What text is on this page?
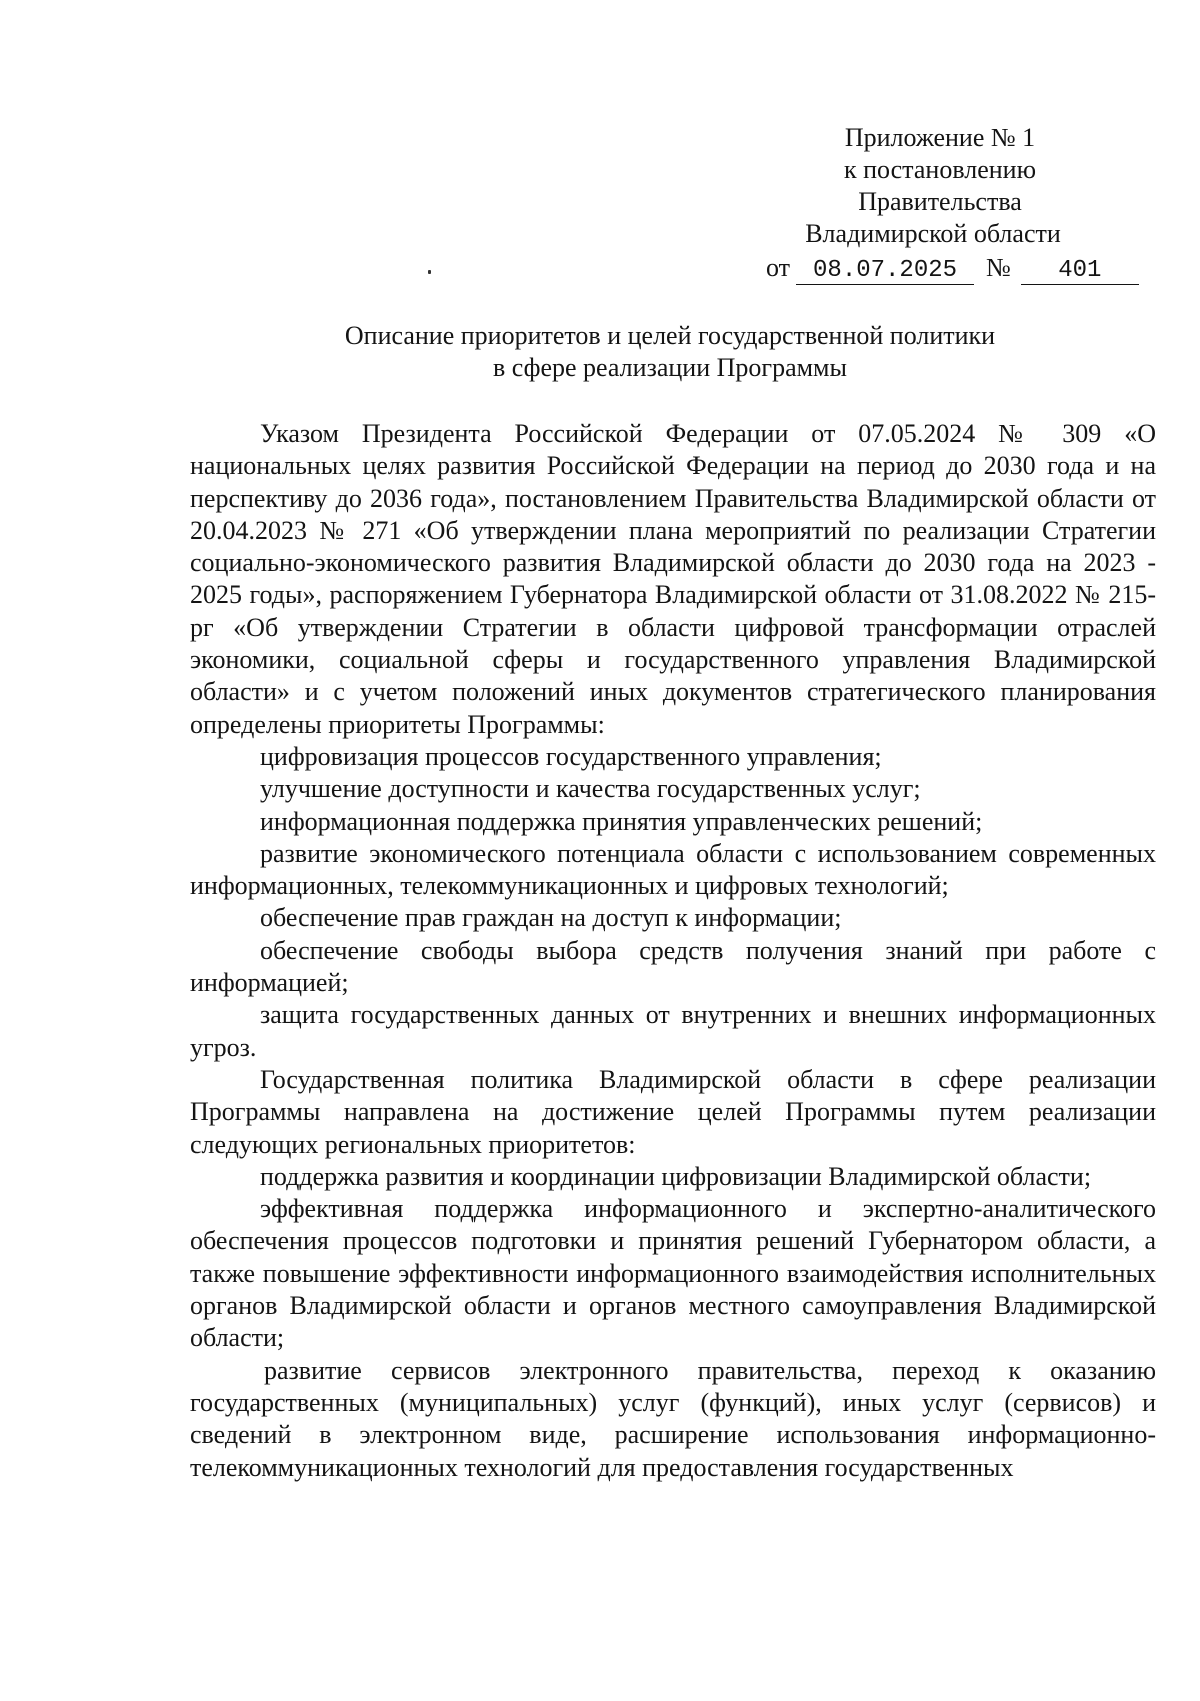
Приложение № 1
к постановлению
Правительства
Владимирской области
от 08.07.2025 № 401
Описание приоритетов и целей государственной политики
в сфере реализации Программы

Указом Президента Российской Федерации от 07.05.2024 № 309 «О национальных целях развития Российской Федерации на период до 2030 года и на перспективу до 2036 года», постановлением Правительства Владимирской области от 20.04.2023 № 271 «Об утверждении плана мероприятий по реализации Стратегии социально-экономического развития Владимирской области до 2030 года на 2023 - 2025 годы», распоряжением Губернатора Владимирской области от 31.08.2022 № 215-рг «Об утверждении Стратегии в области цифровой трансформации отраслей экономики, социальной сферы и государственного управления Владимирской области» и с учетом положений иных документов стратегического планирования определены приоритеты Программы:

цифровизация процессов государственного управления;

улучшение доступности и качества государственных услуг;

информационная поддержка принятия управленческих решений;

развитие экономического потенциала области с использованием современных информационных, телекоммуникационных и цифровых технологий;

обеспечение прав граждан на доступ к информации;

обеспечение свободы выбора средств получения знаний при работе с информацией;

защита государственных данных от внутренних и внешних информационных угроз.

Государственная политика Владимирской области в сфере реализации Программы направлена на достижение целей Программы путем реализации следующих региональных приоритетов:

поддержка развития и координации цифровизации Владимирской области;

эффективная поддержка информационного и экспертно-аналитического обеспечения процессов подготовки и принятия решений Губернатором области, а также повышение эффективности информационного взаимодействия исполнительных органов Владимирской области и органов местного самоуправления Владимирской области;

развитие сервисов электронного правительства, переход к оказанию государственных (муниципальных) услуг (функций), иных услуг (сервисов) и сведений в электронном виде, расширение использования информационно-телекоммуникационных технологий для предоставления государственных
